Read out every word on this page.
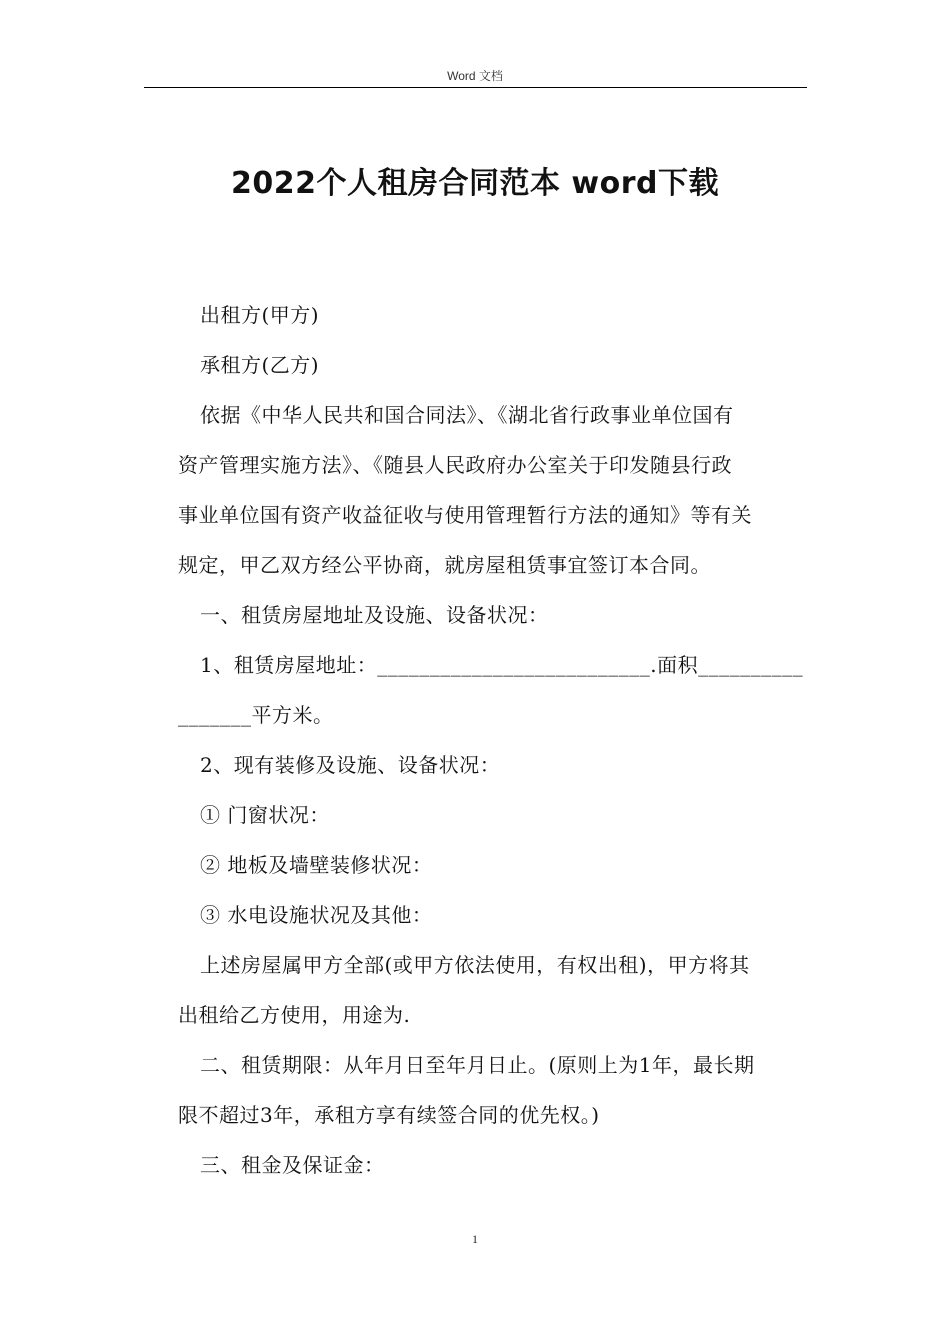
Word 文档
2022个人租房合同范本 word下载

出租方(甲方)

承租方(乙方)

依据《中华人民共和国合同法》、《湖北省行政事业单位国有

资产管理实施方法》、《随县人民政府办公室关于印发随县行政

事业单位国有资产收益征收与使用管理暂行方法的通知》等有关

规定，甲乙双方经公平协商，就房屋租赁事宜签订本合同。

一、租赁房屋地址及设施、设备状况：

1、租赁房屋地址：__________________________.面积__________

_______平方米。

2、现有装修及设施、设备状况：

① 门窗状况：

② 地板及墙壁装修状况：

③ 水电设施状况及其他：

上述房屋属甲方全部(或甲方依法使用，有权出租)，甲方将其

出租给乙方使用，用途为.

二、租赁期限：从年月日至年月日止。(原则上为1年，最长期

限不超过3年，承租方享有续签合同的优先权。)

三、租金及保证金：

1
